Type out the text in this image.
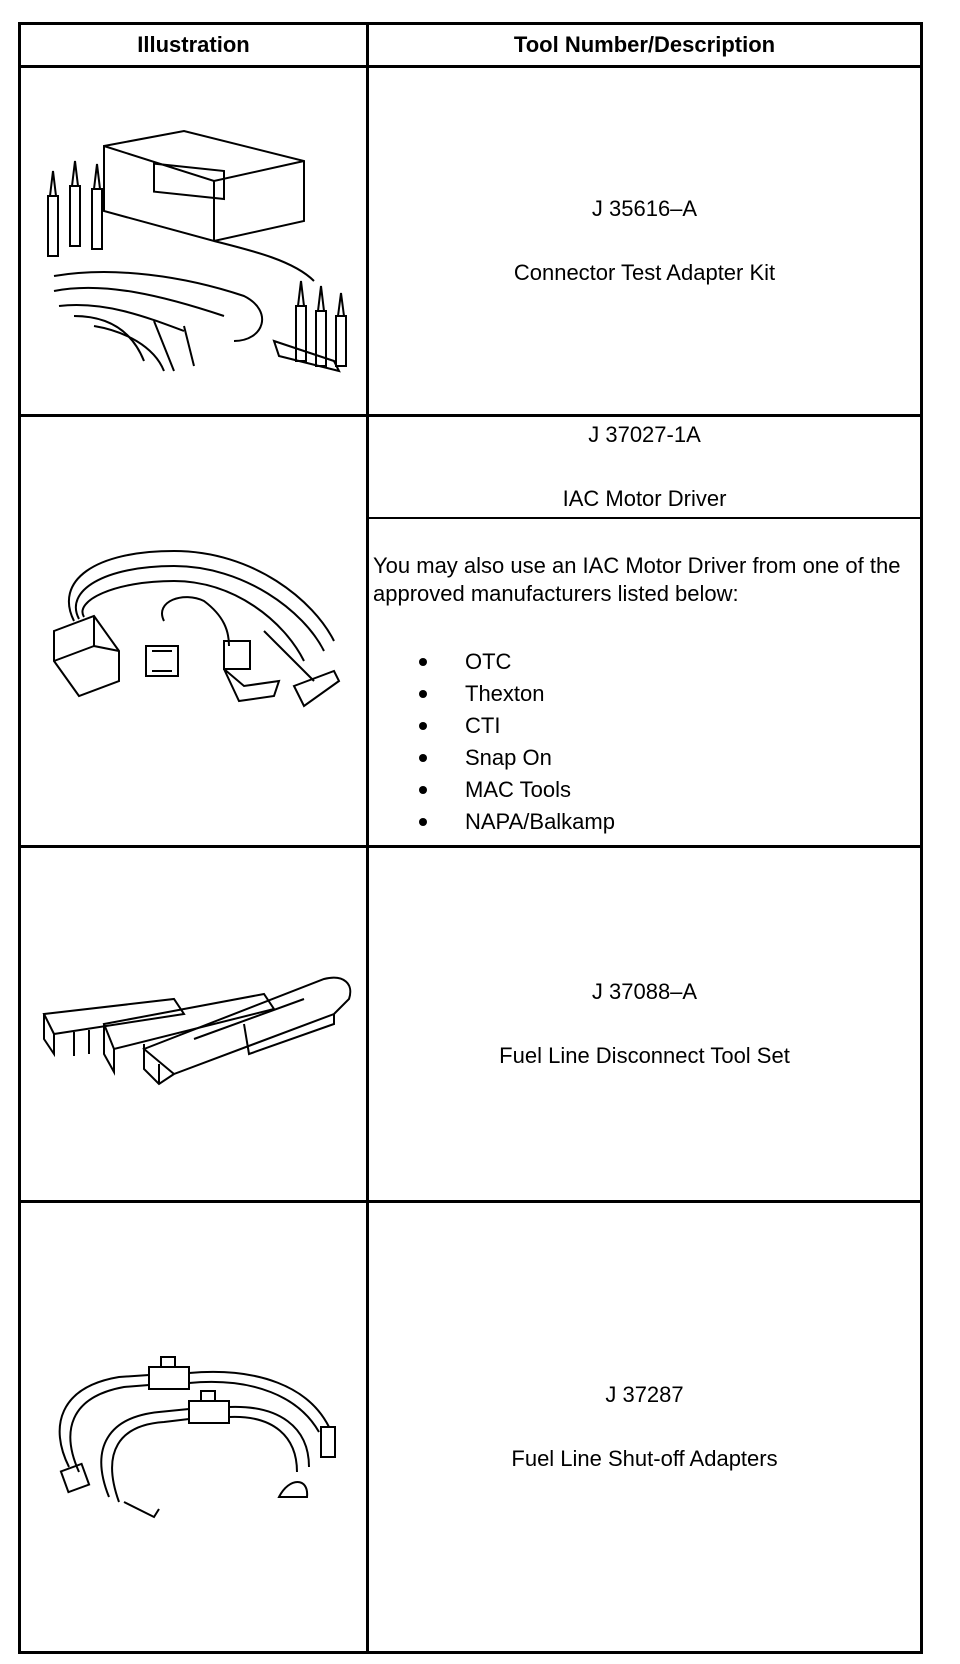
Illustration	Tool Number/Description
J 35616–A
Connector Test Adapter Kit
J 37027-1A
IAC Motor Driver
You may also use an IAC Motor Driver from one of the approved manufacturers listed below:
OTC
Thexton
CTI
Snap On
MAC Tools
NAPA/Balkamp
J 37088–A
Fuel Line Disconnect Tool Set
J 37287
Fuel Line Shut-off Adapters
